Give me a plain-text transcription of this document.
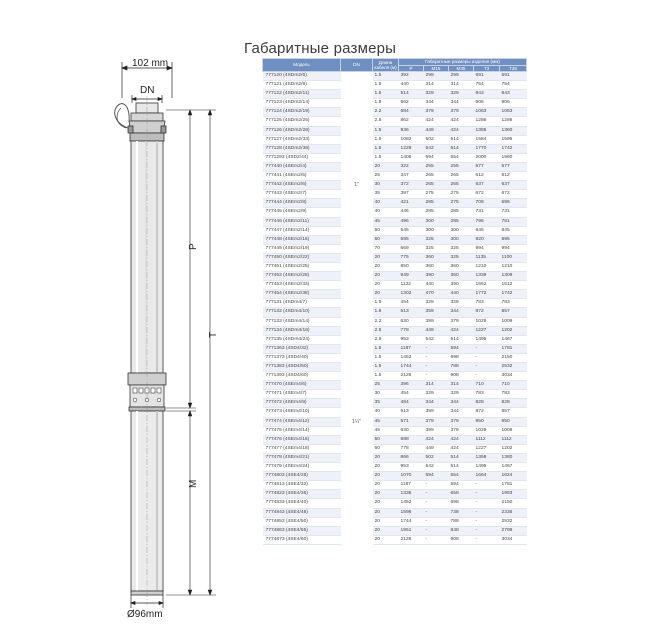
Габаритные размеры
102 mm
DN
Ø96mm
P
T
M
Модель	DN	Длина кабеля (м)	Габаритные размеры изделия (мм)				
			P	M15	M35	T3	T35
777120 (4SDm2/6)	1"	1.5	392	299	299	691	691
777121 (4SDm2/8)		1.5	440	314	314	754	754
777122 (4SDm2/11)		1.6	514	329	329	843	843
777123 (4SDm2/14)		1.8	562	344	344	906	906
777124 (4SDm2/19)		2.2	684	379	379	1063	1063
777125 (4SDm2/25)		2.5	862	424	424	1286	1286
777126 (4SDm2/28)		1.5	936	449	424	1385	1360
777127 (4SDm2/33)		1.5	1082	502	514	1584	1596
777128 (4SDm2/38)		1.5	1228	542	514	1770	1742
7771293 (4SD2/44)		1.5	1406	594	554	2000	1960
777440 (4SEm2/4)		20	322	255	255	577	577
777441 (4SEm2/5)		25	347	265	265	612	612
777442 (4SEm2/6)		30	372	265	265	637	637
777443 (4SEm2/7)		35	397	275	275	672	672
777444 (4SEm2/8)		40	421	285	275	706	696
777445 (4SEm2/9)		40	446	285	285	731	731
777446 (4SEm2/11)		45	496	300	285	796	781
777447 (4SEm2/14)		50	545	300	300	845	845
777448 (4SEm2/16)		60	595	325	300	920	895
777449 (4SEm2/19)		70	669	325	325	994	994
777450 (4SEm2/22)		20	775	360	325	1135	1100
777451 (4SEm2/25)		20	850	360	360	1210	1210
777452 (4SEm2/28)		20	949	390	360	1339	1309
777453 (4SEm2/33)		20	1122	440	390	1562	1512
777454 (4SEm2/38)		20	1302	470	440	1772	1742
777131 (4SDm4/7)	1¼"	1.5	454	329	329	783	783
777132 (4SDm4/10)		1.8	513	359	344	872	857
777133 (4SDm4/14)		2.2	630	399	379	1029	1009
777134 (4SDm4/18)		2.5	778	449	424	1227	1202
777135 (4SDm4/24)		2.8	953	542	514	1495	1467
7771363 (4SD4/32)		1.5	1187	-	594	-	1781
7771373 (4SD4/40)		1.5	1452	-	698	-	2150
7771383 (4SD4/50)		1.5	1744	-	788	-	2532
7771393 (4SD4/60)		1.5	2126	-	908	-	3034
777470 (4SEm4/6)		25	396	314	314	710	710
777471 (4SEm4/7)		30	454	329	329	783	783
777472 (4SEm4/9)		35	484	344	344	828	828
777473 (4SEm4/10)		40	513	359	344	872	857
777474 (4SEm4/12)		45	571	379	379	950	950
777475 (4SEm4/14)		45	630	399	379	1029	1009
777476 (4SEm4/16)		50	688	424	424	1112	1112
777477 (4SEm4/18)		60	778	449	424	1227	1202
777478 (4SEm4/21)		20	866	502	514	1368	1380
777479 (4SEm4/24)		20	953	542	514	1495	1467
7774803 (4SE4/28)		20	1070	594	554	1664	1624
7774813 (4SE4/32)		20	1187	-	594	-	1781
7774823 (4SE4/36)		20	1335	-	658	-	1993
7774833 (4SE4/40)		20	1452	-	698	-	2150
7774843 (4SE4/45)		20	1598	-	738	-	2336
7774853 (4SE4/50)		20	1744	-	788	-	2532
7774863 (4SE4/55)		20	1951	-	848	-	2799
7774873 (4SE4/60)		20	2126	-	908	-	3034
